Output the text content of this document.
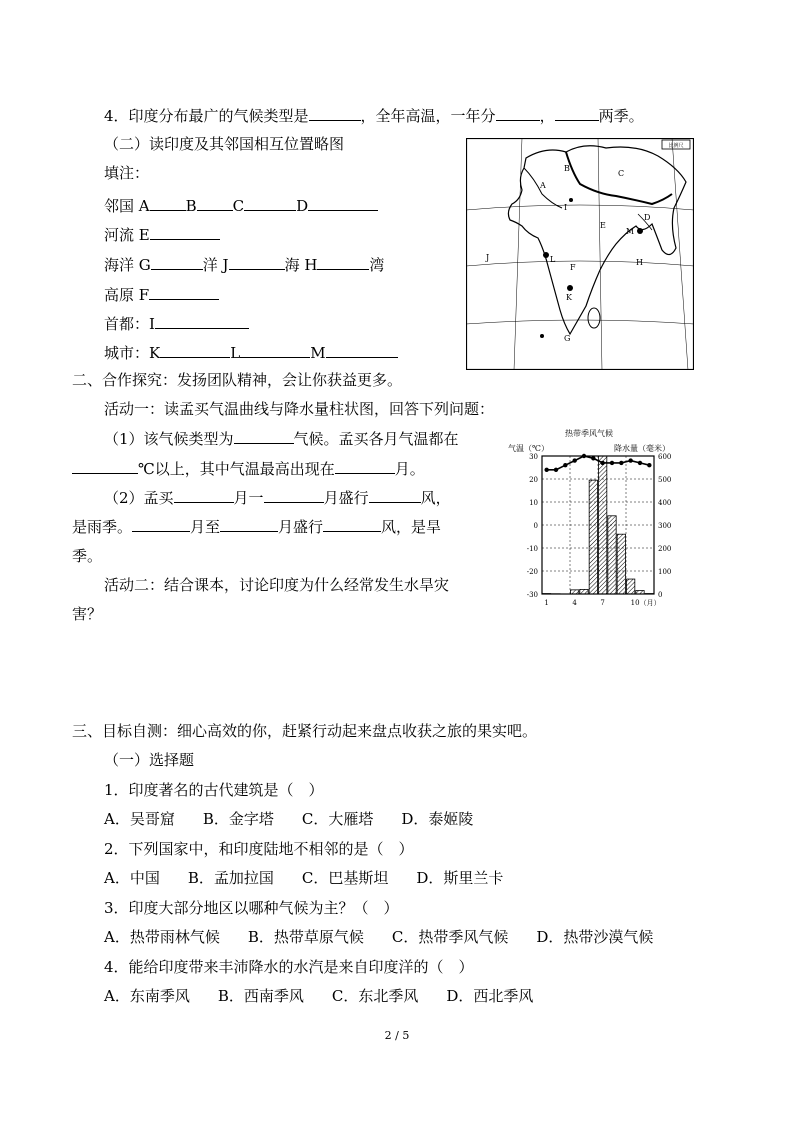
4．印度分布最广的气候类型是	，全年高温，一年分	，	两季。
（二）读印度及其邻国相互位置略图
填注：
邻国 A B C	D
河流 E
海洋 G	洋 J	海 H	湾
高原 F
首都：I
城市：K	L	M
比例尺
A
B
C
D
E
F
G
H
I
J
K
L
M
二、合作探究：发扬团队精神，会让你获益更多。
活动一：读孟买气温曲线与降水量柱状图，回答下列问题：
（1）该气候类型为	气候。孟买各月气温都在
℃以上，其中气温最高出现在	月。
（2）孟买	月一	月盛行	风，
是雨季。	月至	月盛行	风，是旱
季。
活动二：结合课本，讨论印度为什么经常发生水旱灾
害？
热带季风气候
气温（℃）	降水量（毫米）
30
20
10
0
-10
-20
-30
600
500
400
300
200
100
0
1	4	7	10（月）
三、目标自测：细心高效的你，赶紧行动起来盘点收获之旅的果实吧。
（一）选择题
1．印度著名的古代建筑是（　）
A．吴哥窟 B．金字塔 C．大雁塔 D．泰姬陵
2．下列国家中，和印度陆地不相邻的是（　）
A．中国 B．孟加拉国 C．巴基斯坦 D．斯里兰卡
3．印度大部分地区以哪种气候为主？（　）
A．热带雨林气候 B．热带草原气候 C．热带季风气候 D．热带沙漠气候
4．能给印度带来丰沛降水的水汽是来自印度洋的（　）
A．东南季风 B．西南季风 C．东北季风 D．西北季风
2 / 5
